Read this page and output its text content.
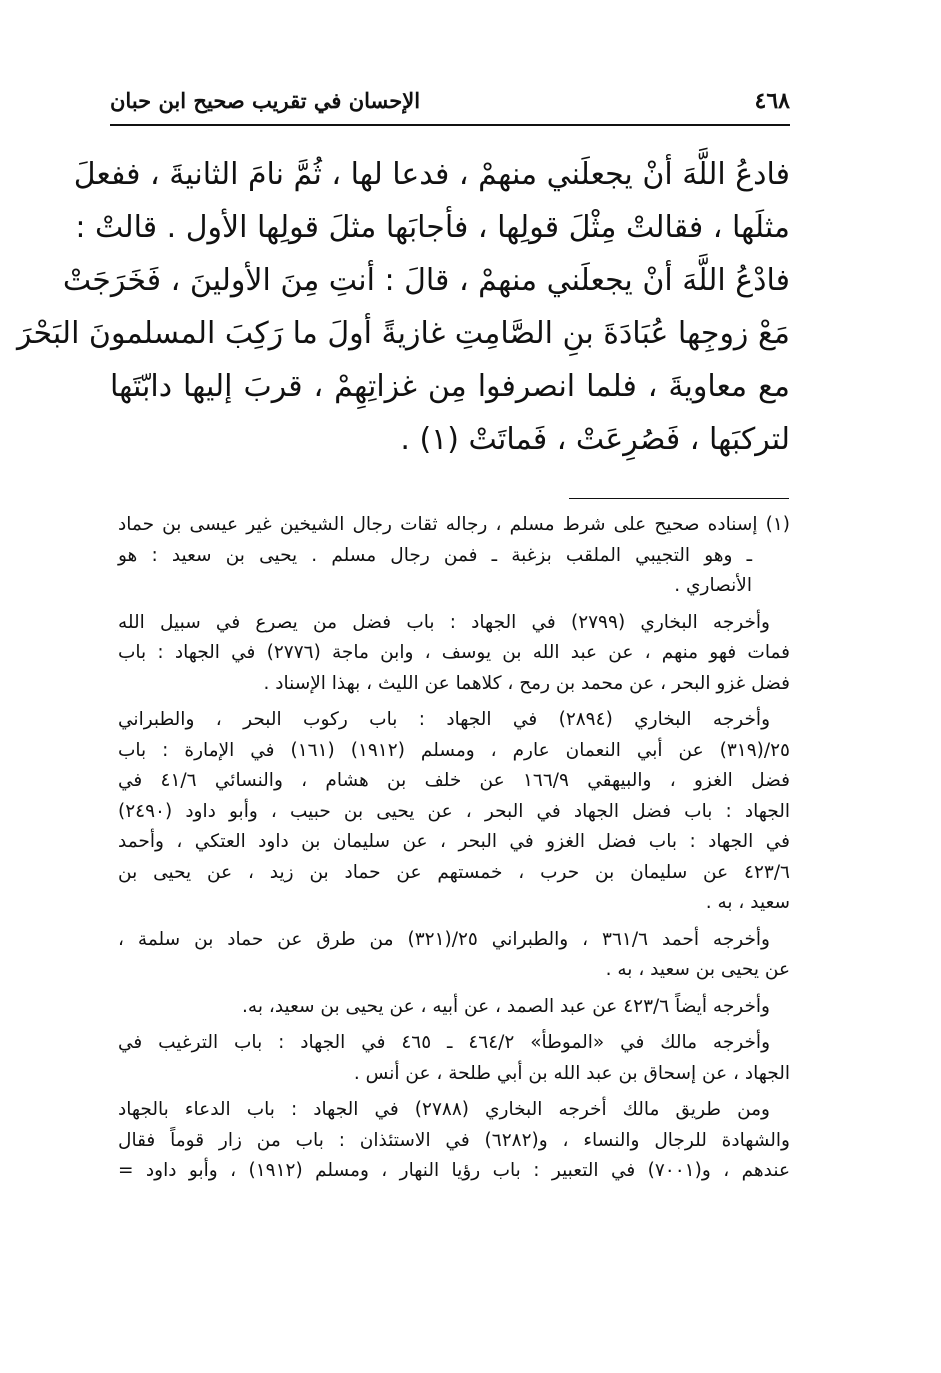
٤٦٨
الإحسان في تقريب صحيح ابن حبان
فادعُ اللَّهَ أنْ يجعلَني منهمْ ، فدعا لها ، ثُمَّ نامَ الثانيةَ ، ففعلَ
مثلَها ، فقالتْ مِثْلَ قولِها ، فأجابَها مثلَ قولِها الأول . قالتْ :
فادْعُ اللَّهَ أنْ يجعلَني منهمْ ، قالَ : أنتِ مِنَ الأولينَ ، فَخَرَجَتْ
مَعْ زوجِها عُبَادَةَ بنِ الصَّامِتِ غازيةً أولَ ما رَكِبَ المسلمونَ البَحْرَ
مع معاويةَ ، فلما انصرفوا مِن غزاتِهِمْ ، قربَ إليها دابّتَها
لتركبَها ، فَصُرِعَتْ ، فَماتَتْ (١) .
(١) إسناده صحيح على شرط مسلم ، رجاله ثقات رجال الشيخين غير عيسى بن حماد
ـ وهو التجيبي الملقب بزغبة ـ فمن رجال مسلم . يحيى بن سعيد : هو
الأنصاري .
وأخرجه البخاري (٢٧٩٩) في الجهاد : باب فضل من يصرع في سبيل الله
فمات فهو منهم ، عن عبد الله بن يوسف ، وابن ماجة (٢٧٧٦) في الجهاد : باب
فضل غزو البحر ، عن محمد بن رمح ، كلاهما عن الليث ، بهذا الإسناد .
وأخرجه البخاري (٢٨٩٤) في الجهاد : باب ركوب البحر ، والطبراني
٢٥/(٣١٩) عن أبي النعمان عارم ، ومسلم (١٩١٢) (١٦١) في الإمارة : باب
فضل الغزو ، والبيهقي ١٦٦/٩ عن خلف بن هشام ، والنسائي ٤١/٦ في
الجهاد : باب فضل الجهاد في البحر ، عن يحيى بن حبيب ، وأبو داود (٢٤٩٠)
في الجهاد : باب فضل الغزو في البحر ، عن سليمان بن داود العتكي ، وأحمد
٤٢٣/٦ عن سليمان بن حرب ، خمستهم عن حماد بن زيد ، عن يحيى بن
سعيد ، به .
وأخرجه أحمد ٣٦١/٦ ، والطبراني ٢٥/(٣٢١) من طرق عن حماد بن سلمة ،
عن يحيى بن سعيد ، به .
وأخرجه أيضاً ٤٢٣/٦ عن عبد الصمد ، عن أبيه ، عن يحيى بن سعيد، به.
وأخرجه مالك في «الموطأ» ٤٦٤/٢ ـ ٤٦٥ في الجهاد : باب الترغيب في
الجهاد ، عن إسحاق بن عبد الله بن أبي طلحة ، عن أنس .
ومن طريق مالك أخرجه البخاري (٢٧٨٨) في الجهاد : باب الدعاء بالجهاد
والشهادة للرجال والنساء ، و(٦٢٨٢) في الاستئذان : باب من زار قوماً فقال
عندهم ، و(٧٠٠١) في التعبير : باب رؤيا النهار ، ومسلم (١٩١٢) ، وأبو داود =
